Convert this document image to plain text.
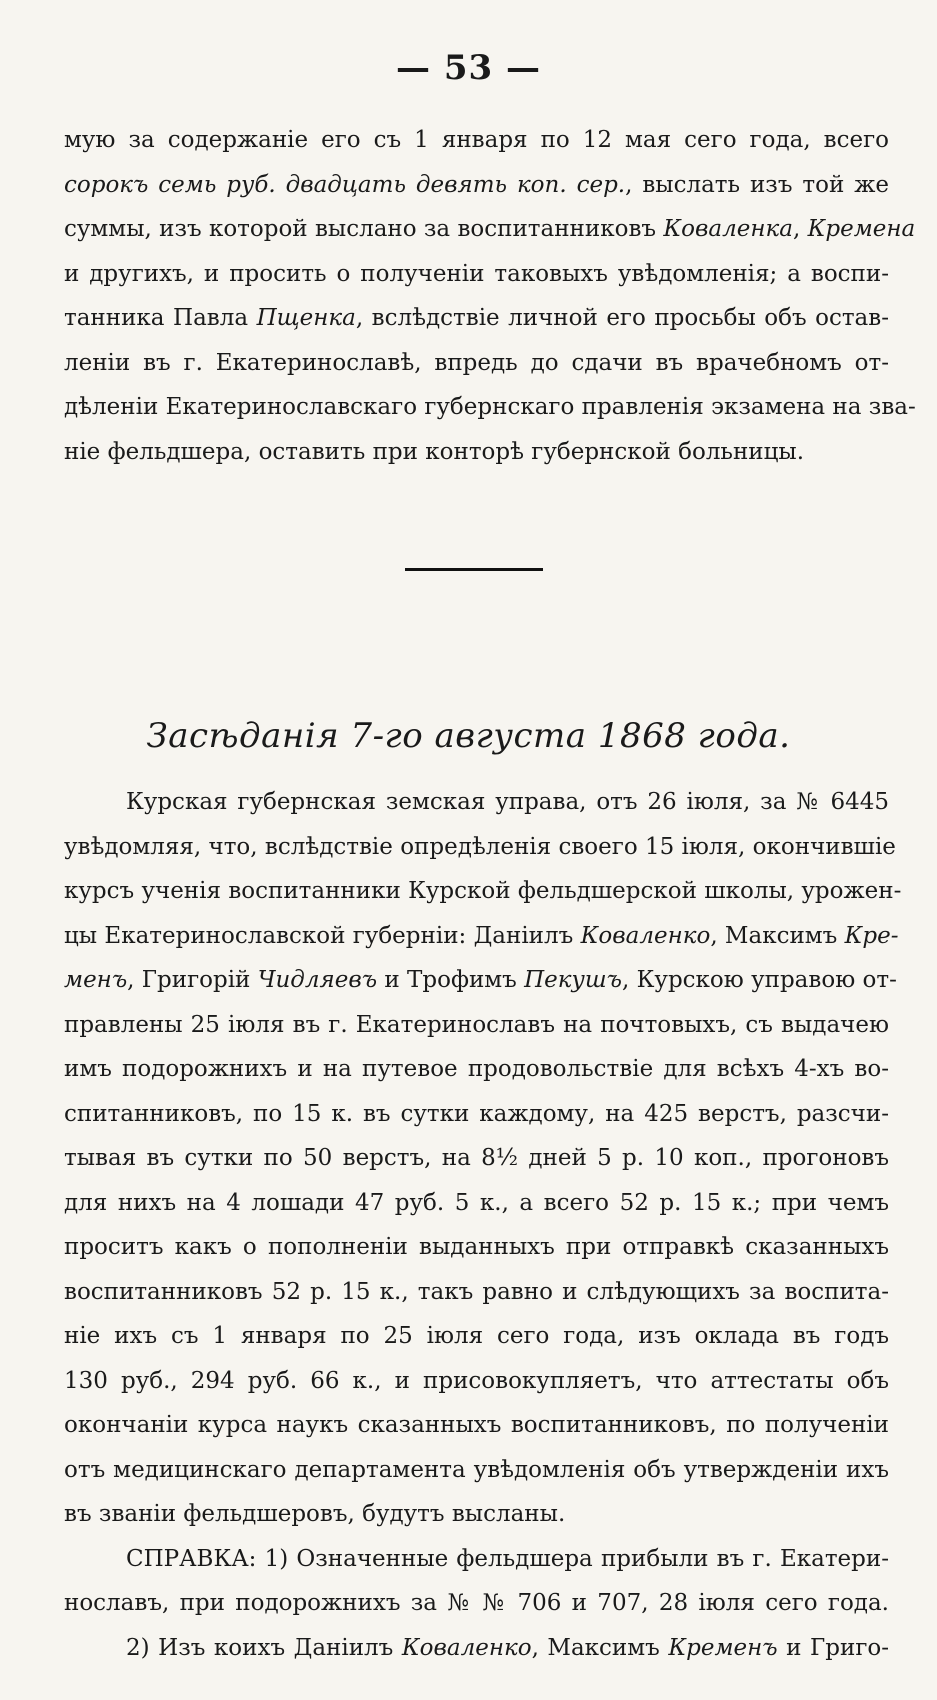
— 53 —
мую за содержаніе его съ 1 января по 12 мая сего года, всего
сорокъ семь руб. двадцать девять коп. сер., выслать изъ той же
суммы, изъ которой выслано за воспитанниковъ Коваленка, Кремена
и другихъ, и просить о полученіи таковыхъ увѣдомленія; а воспи-
танника Павла Пщенка, вслѣдствіе личной его просьбы объ остав-
леніи въ г. Екатеринославѣ, впредь до сдачи въ врачебномъ от-
дѣленіи Екатеринославскаго губернскаго правленія экзамена на зва-
ніе фельдшера, оставить при конторѣ губернской больницы.
Засѣданія 7-го августа 1868 года.
Курская губернская земская управа, отъ 26 іюля, за № 6445
увѣдомляя, что, вслѣдствіе опредѣленія своего 15 іюля, окончившіе
курсъ ученія воспитанники Курской фельдшерской школы, урожен-
цы Екатеринославской губерніи: Даніилъ Коваленко, Максимъ Кре-
менъ, Григорій Чидляевъ и Трофимъ Пекушъ, Курскою управою от-
правлены 25 іюля въ г. Екатеринославъ на почтовыхъ, съ выдачею
имъ подорожнихъ и на путевое продовольствіе для всѣхъ 4-хъ во-
спитанниковъ, по 15 к. въ сутки каждому, на 425 верстъ, разсчи-
тывая въ сутки по 50 верстъ, на 8½ дней 5 р. 10 коп., прогоновъ
для нихъ на 4 лошади 47 руб. 5 к., а всего 52 р. 15 к.; при чемъ
проситъ какъ о пополненіи выданныхъ при отправкѣ сказанныхъ
воспитанниковъ 52 р. 15 к., такъ равно и слѣдующихъ за воспита-
ніе ихъ съ 1 января по 25 іюля сего года, изъ оклада въ годъ
130 руб., 294 руб. 66 к., и присовокупляетъ, что аттестаты объ
окончаніи курса наукъ сказанныхъ воспитанниковъ, по полученіи
отъ медицинскаго департамента увѣдомленія объ утвержденіи ихъ
въ званіи фельдшеровъ, будутъ высланы.
СПРАВКА: 1) Означенные фельдшера прибыли въ г. Екатери-
нославъ, при подорожнихъ за № № 706 и 707, 28 іюля сего года.
2) Изъ коихъ Даніилъ Коваленко, Максимъ Кременъ и Григо-
